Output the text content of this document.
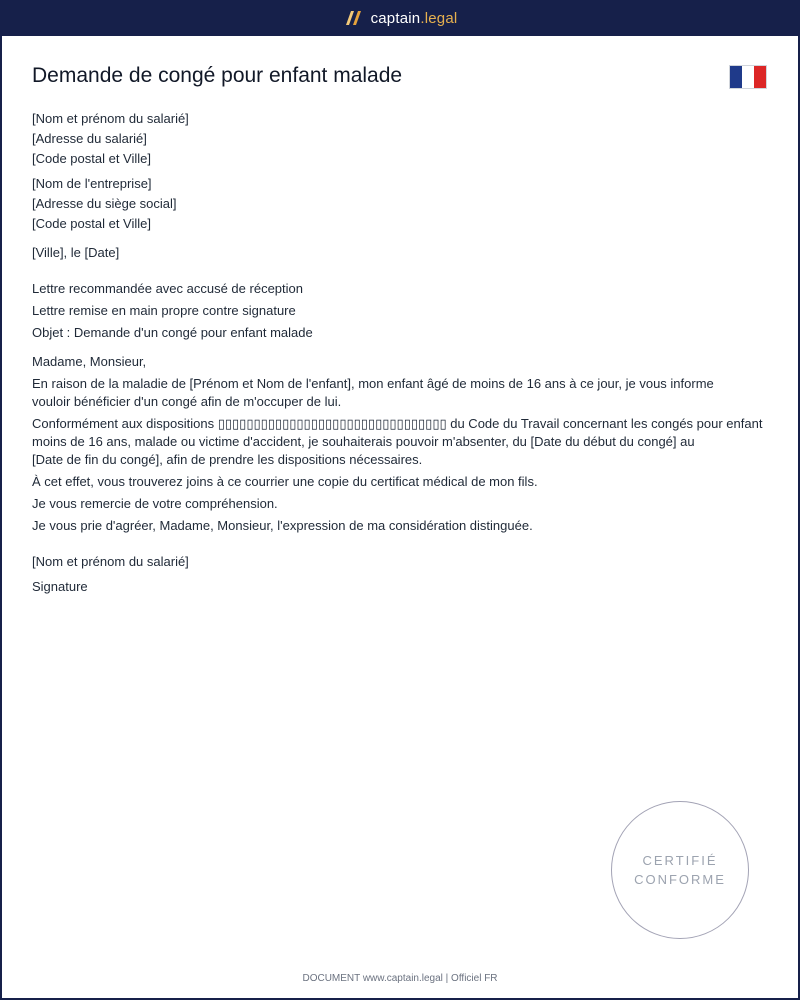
captain.legal
Demande de congé pour enfant malade
[Nom et prénom du salarié]
[Adresse du salarié]
[Code postal et Ville]
[Nom de l'entreprise]
[Adresse du siège social]
[Code postal et Ville]
[Ville], le [Date]
Lettre recommandée avec accusé de réception
Lettre remise en main propre contre signature
Objet : Demande d'un congé pour enfant malade
Madame, Monsieur,
En raison de la maladie de [Prénom et Nom de l'enfant], mon enfant âgé de moins de 16 ans à ce jour, je vous informe
vouloir bénéficier d'un congé afin de m'occuper de lui.
Conformément aux dispositions ▯▯▯▯▯▯▯▯▯▯▯▯▯▯▯▯▯▯▯▯▯▯▯▯▯▯▯▯▯▯▯▯ du Code du Travail concernant les congés pour enfant
moins de 16 ans, malade ou victime d'accident, je souhaiterais pouvoir m'absenter, du [Date du début du congé] au
[Date de fin du congé], afin de prendre les dispositions nécessaires.
À cet effet, vous trouverez joins à ce courrier une copie du certificat médical de mon fils.
Je vous remercie de votre compréhension.
Je vous prie d'agréer, Madame, Monsieur, l'expression de ma considération distinguée.
[Nom et prénom du salarié]
Signature
CERTIFIÉ
CONFORME
DOCUMENT www.captain.legal | Officiel FR
